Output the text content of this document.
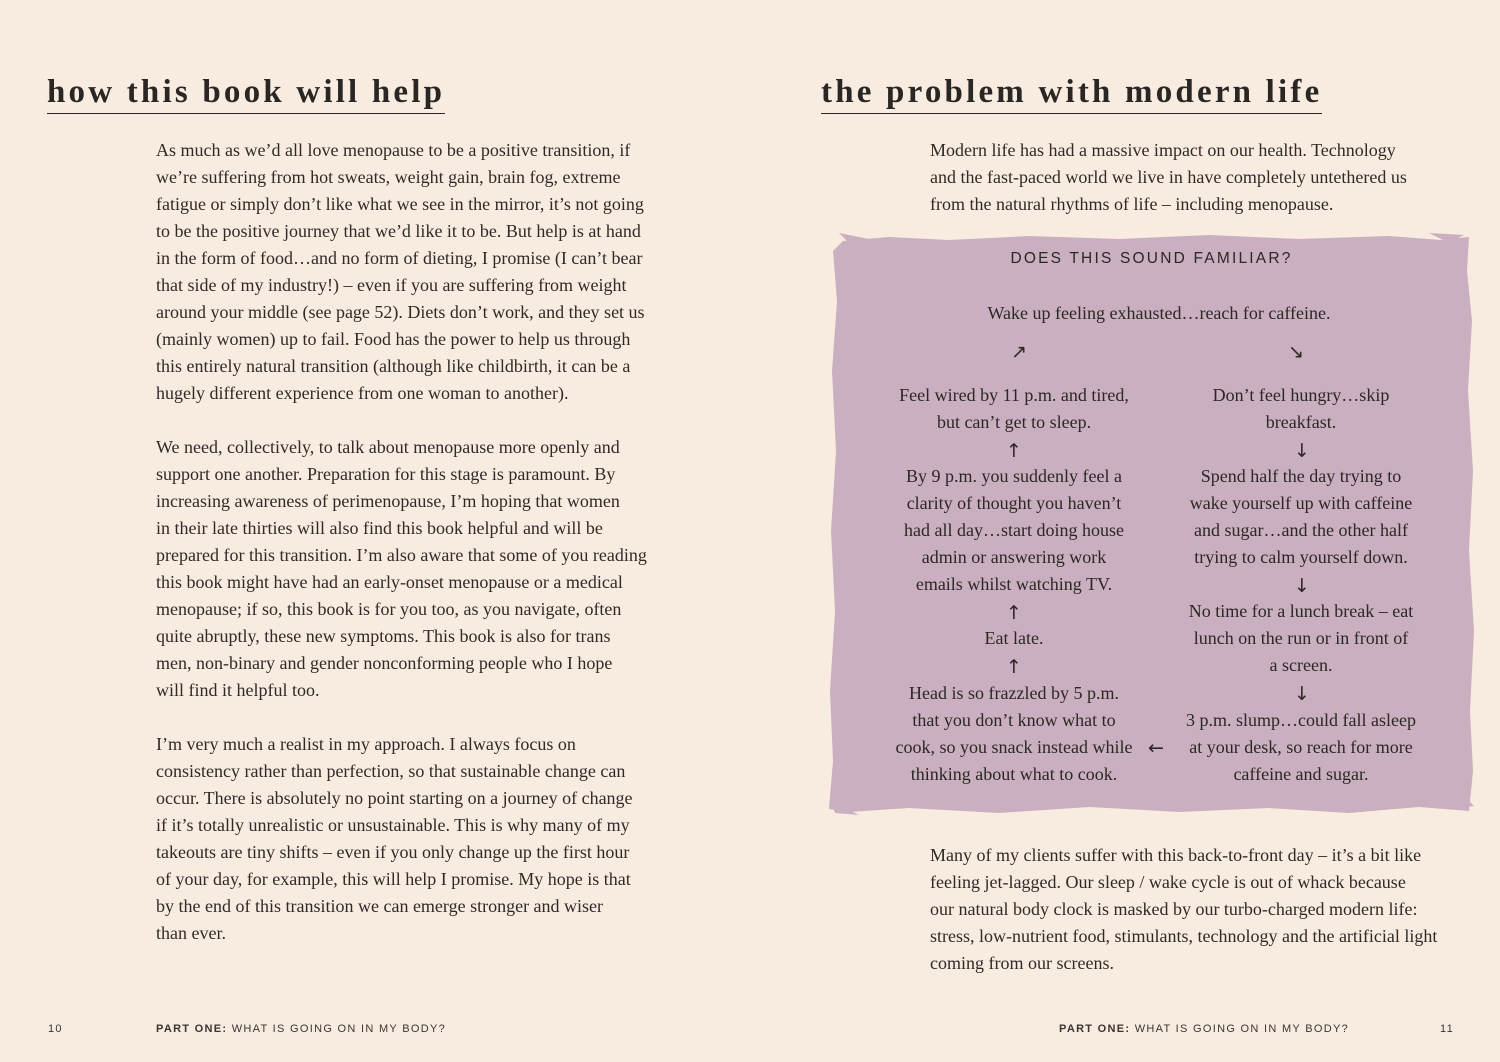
how this book will help
As much as we’d all love menopause to be a positive transition, if
we’re suffering from hot sweats, weight gain, brain fog, extreme
fatigue or simply don’t like what we see in the mirror, it’s not going
to be the positive journey that we’d like it to be. But help is at hand
in the form of food…and no form of dieting, I promise (I can’t bear
that side of my industry!) – even if you are suffering from weight
around your middle (see page 52). Diets don’t work, and they set us
(mainly women) up to fail. Food has the power to help us through
this entirely natural transition (although like childbirth, it can be a
hugely different experience from one woman to another).
We need, collectively, to talk about menopause more openly and
support one another. Preparation for this stage is paramount. By
increasing awareness of perimenopause, I’m hoping that women
in their late thirties will also find this book helpful and will be
prepared for this transition. I’m also aware that some of you reading
this book might have had an early-onset menopause or a medical
menopause; if so, this book is for you too, as you navigate, often
quite abruptly, these new symptoms. This book is also for trans
men, non-binary and gender nonconforming people who I hope
will find it helpful too.
I’m very much a realist in my approach. I always focus on
consistency rather than perfection, so that sustainable change can
occur. There is absolutely no point starting on a journey of change
if it’s totally unrealistic or unsustainable. This is why many of my
takeouts are tiny shifts – even if you only change up the first hour
of your day, for example, this will help I promise. My hope is that
by the end of this transition we can emerge stronger and wiser
than ever.
10	PART ONE: WHAT IS GOING ON IN MY BODY?
the problem with modern life
Modern life has had a massive impact on our health. Technology
and the fast-paced world we live in have completely untethered us
from the natural rhythms of life – including menopause.
DOES THIS SOUND FAMILIAR?
Wake up feeling exhausted…reach for caffeine.
↗	↘
Don’t feel hungry…skip
breakfast.
↓
Spend half the day trying to
wake yourself up with caffeine
and sugar…and the other half
trying to calm yourself down.
↓
No time for a lunch break – eat
lunch on the run or in front of
a screen.
↓
3 p.m. slump…could fall asleep
at your desk, so reach for more
caffeine and sugar.
←
Feel wired by 11 p.m. and tired,
but can’t get to sleep.
↑
By 9 p.m. you suddenly feel a
clarity of thought you haven’t
had all day…start doing house
admin or answering work
emails whilst watching TV.
↑
Eat late.
↑
Head is so frazzled by 5 p.m.
that you don’t know what to
cook, so you snack instead while
thinking about what to cook.
Many of my clients suffer with this back-to-front day – it’s a bit like
feeling jet-lagged. Our sleep / wake cycle is out of whack because
our natural body clock is masked by our turbo-charged modern life:
stress, low-nutrient food, stimulants, technology and the artificial light
coming from our screens.
PART ONE: WHAT IS GOING ON IN MY BODY?	11
